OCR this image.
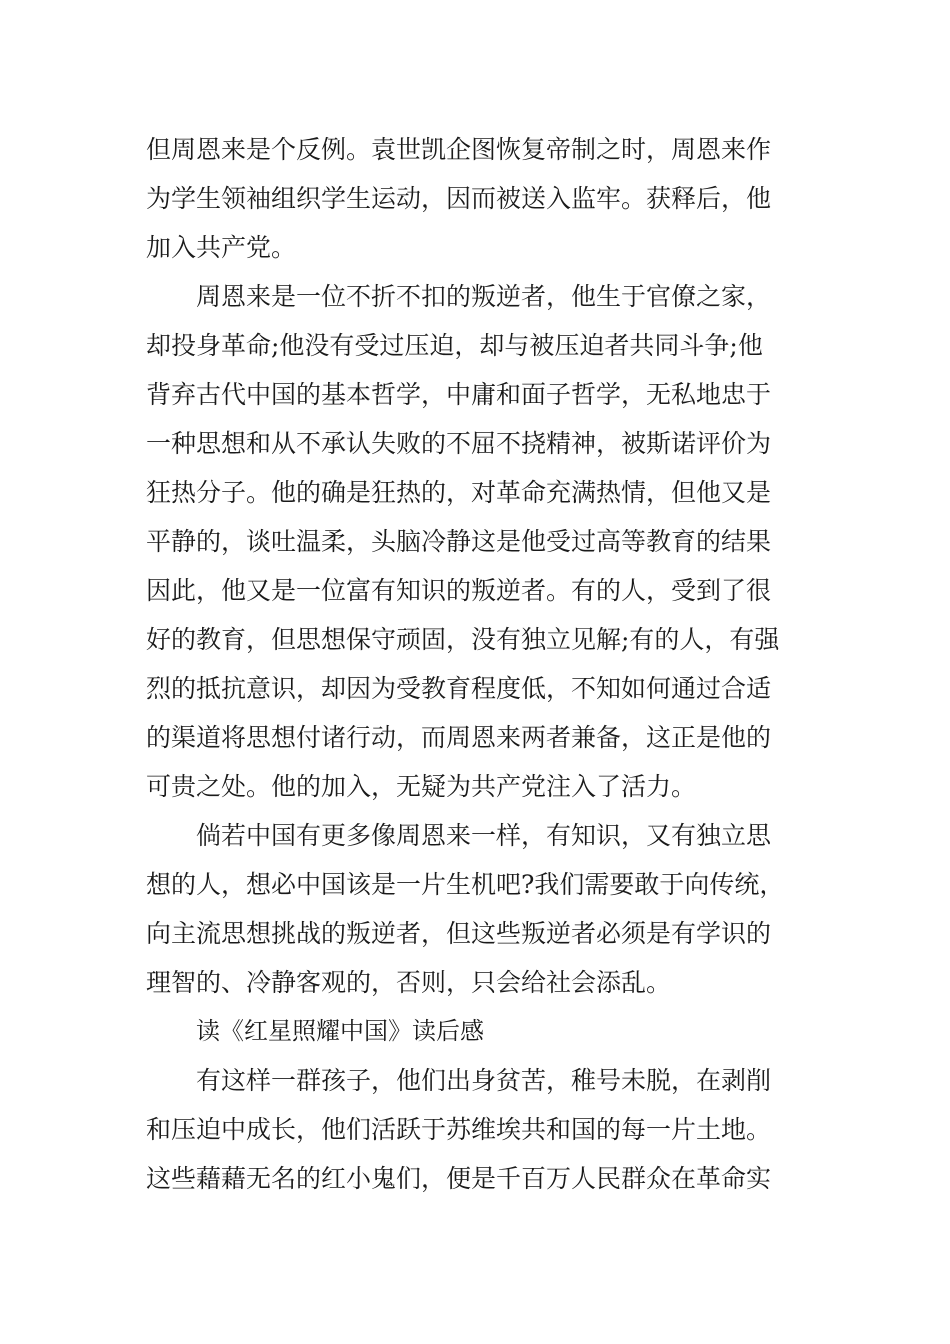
但周恩来是个反例。袁世凯企图恢复帝制之时，周恩来作
为学生领袖组织学生运动，因而被送入监牢。获释后，他
加入共产党。
周恩来是一位不折不扣的叛逆者，他生于官僚之家，
却投身革命;他没有受过压迫，却与被压迫者共同斗争;他
背弃古代中国的基本哲学，中庸和面子哲学，无私地忠于
一种思想和从不承认失败的不屈不挠精神，被斯诺评价为
狂热分子。他的确是狂热的，对革命充满热情，但他又是
平静的，谈吐温柔，头脑冷静这是他受过高等教育的结果
因此，他又是一位富有知识的叛逆者。有的人，受到了很
好的教育，但思想保守顽固，没有独立见解;有的人，有强
烈的抵抗意识，却因为受教育程度低，不知如何通过合适
的渠道将思想付诸行动，而周恩来两者兼备，这正是他的
可贵之处。他的加入，无疑为共产党注入了活力。
倘若中国有更多像周恩来一样，有知识，又有独立思
想的人，想必中国该是一片生机吧?我们需要敢于向传统，
向主流思想挑战的叛逆者，但这些叛逆者必须是有学识的
理智的、冷静客观的，否则，只会给社会添乱。
读《红星照耀中国》读后感
有这样一群孩子，他们出身贫苦，稚号未脱，在剥削
和压迫中成长，他们活跃于苏维埃共和国的每一片土地。
这些藉藉无名的红小鬼们，便是千百万人民群众在革命实
